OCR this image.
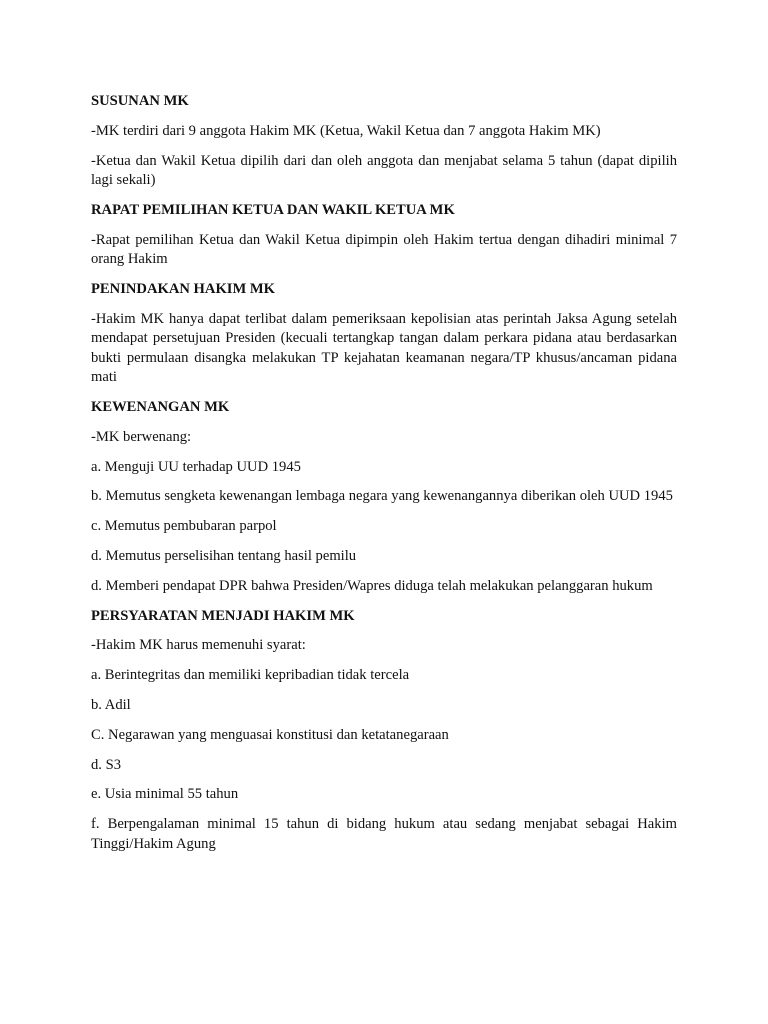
SUSUNAN MK
-MK terdiri dari 9 anggota Hakim MK (Ketua, Wakil Ketua dan 7 anggota Hakim MK)
-Ketua dan Wakil Ketua dipilih dari dan oleh anggota dan menjabat selama 5 tahun (dapat dipilih lagi sekali)
RAPAT PEMILIHAN KETUA DAN WAKIL KETUA MK
-Rapat pemilihan Ketua dan Wakil Ketua dipimpin oleh Hakim tertua dengan dihadiri minimal 7 orang Hakim
PENINDAKAN HAKIM MK
-Hakim MK hanya dapat terlibat dalam pemeriksaan kepolisian atas perintah Jaksa Agung setelah mendapat persetujuan Presiden (kecuali tertangkap tangan dalam perkara pidana atau berdasarkan bukti permulaan disangka melakukan TP kejahatan keamanan negara/TP khusus/ancaman pidana mati
KEWENANGAN MK
-MK berwenang:
a. Menguji UU terhadap UUD 1945
b. Memutus sengketa kewenangan lembaga negara yang kewenangannya diberikan oleh UUD 1945
c. Memutus pembubaran parpol
d. Memutus perselisihan tentang hasil pemilu
d. Memberi pendapat DPR bahwa Presiden/Wapres diduga telah melakukan pelanggaran hukum
PERSYARATAN MENJADI HAKIM MK
-Hakim MK harus memenuhi syarat:
a. Berintegritas dan memiliki kepribadian tidak tercela
b. Adil
C. Negarawan yang menguasai konstitusi dan ketatanegaraan
d. S3
e. Usia minimal 55 tahun
f. Berpengalaman minimal 15 tahun di bidang hukum atau sedang menjabat sebagai Hakim Tinggi/Hakim Agung
